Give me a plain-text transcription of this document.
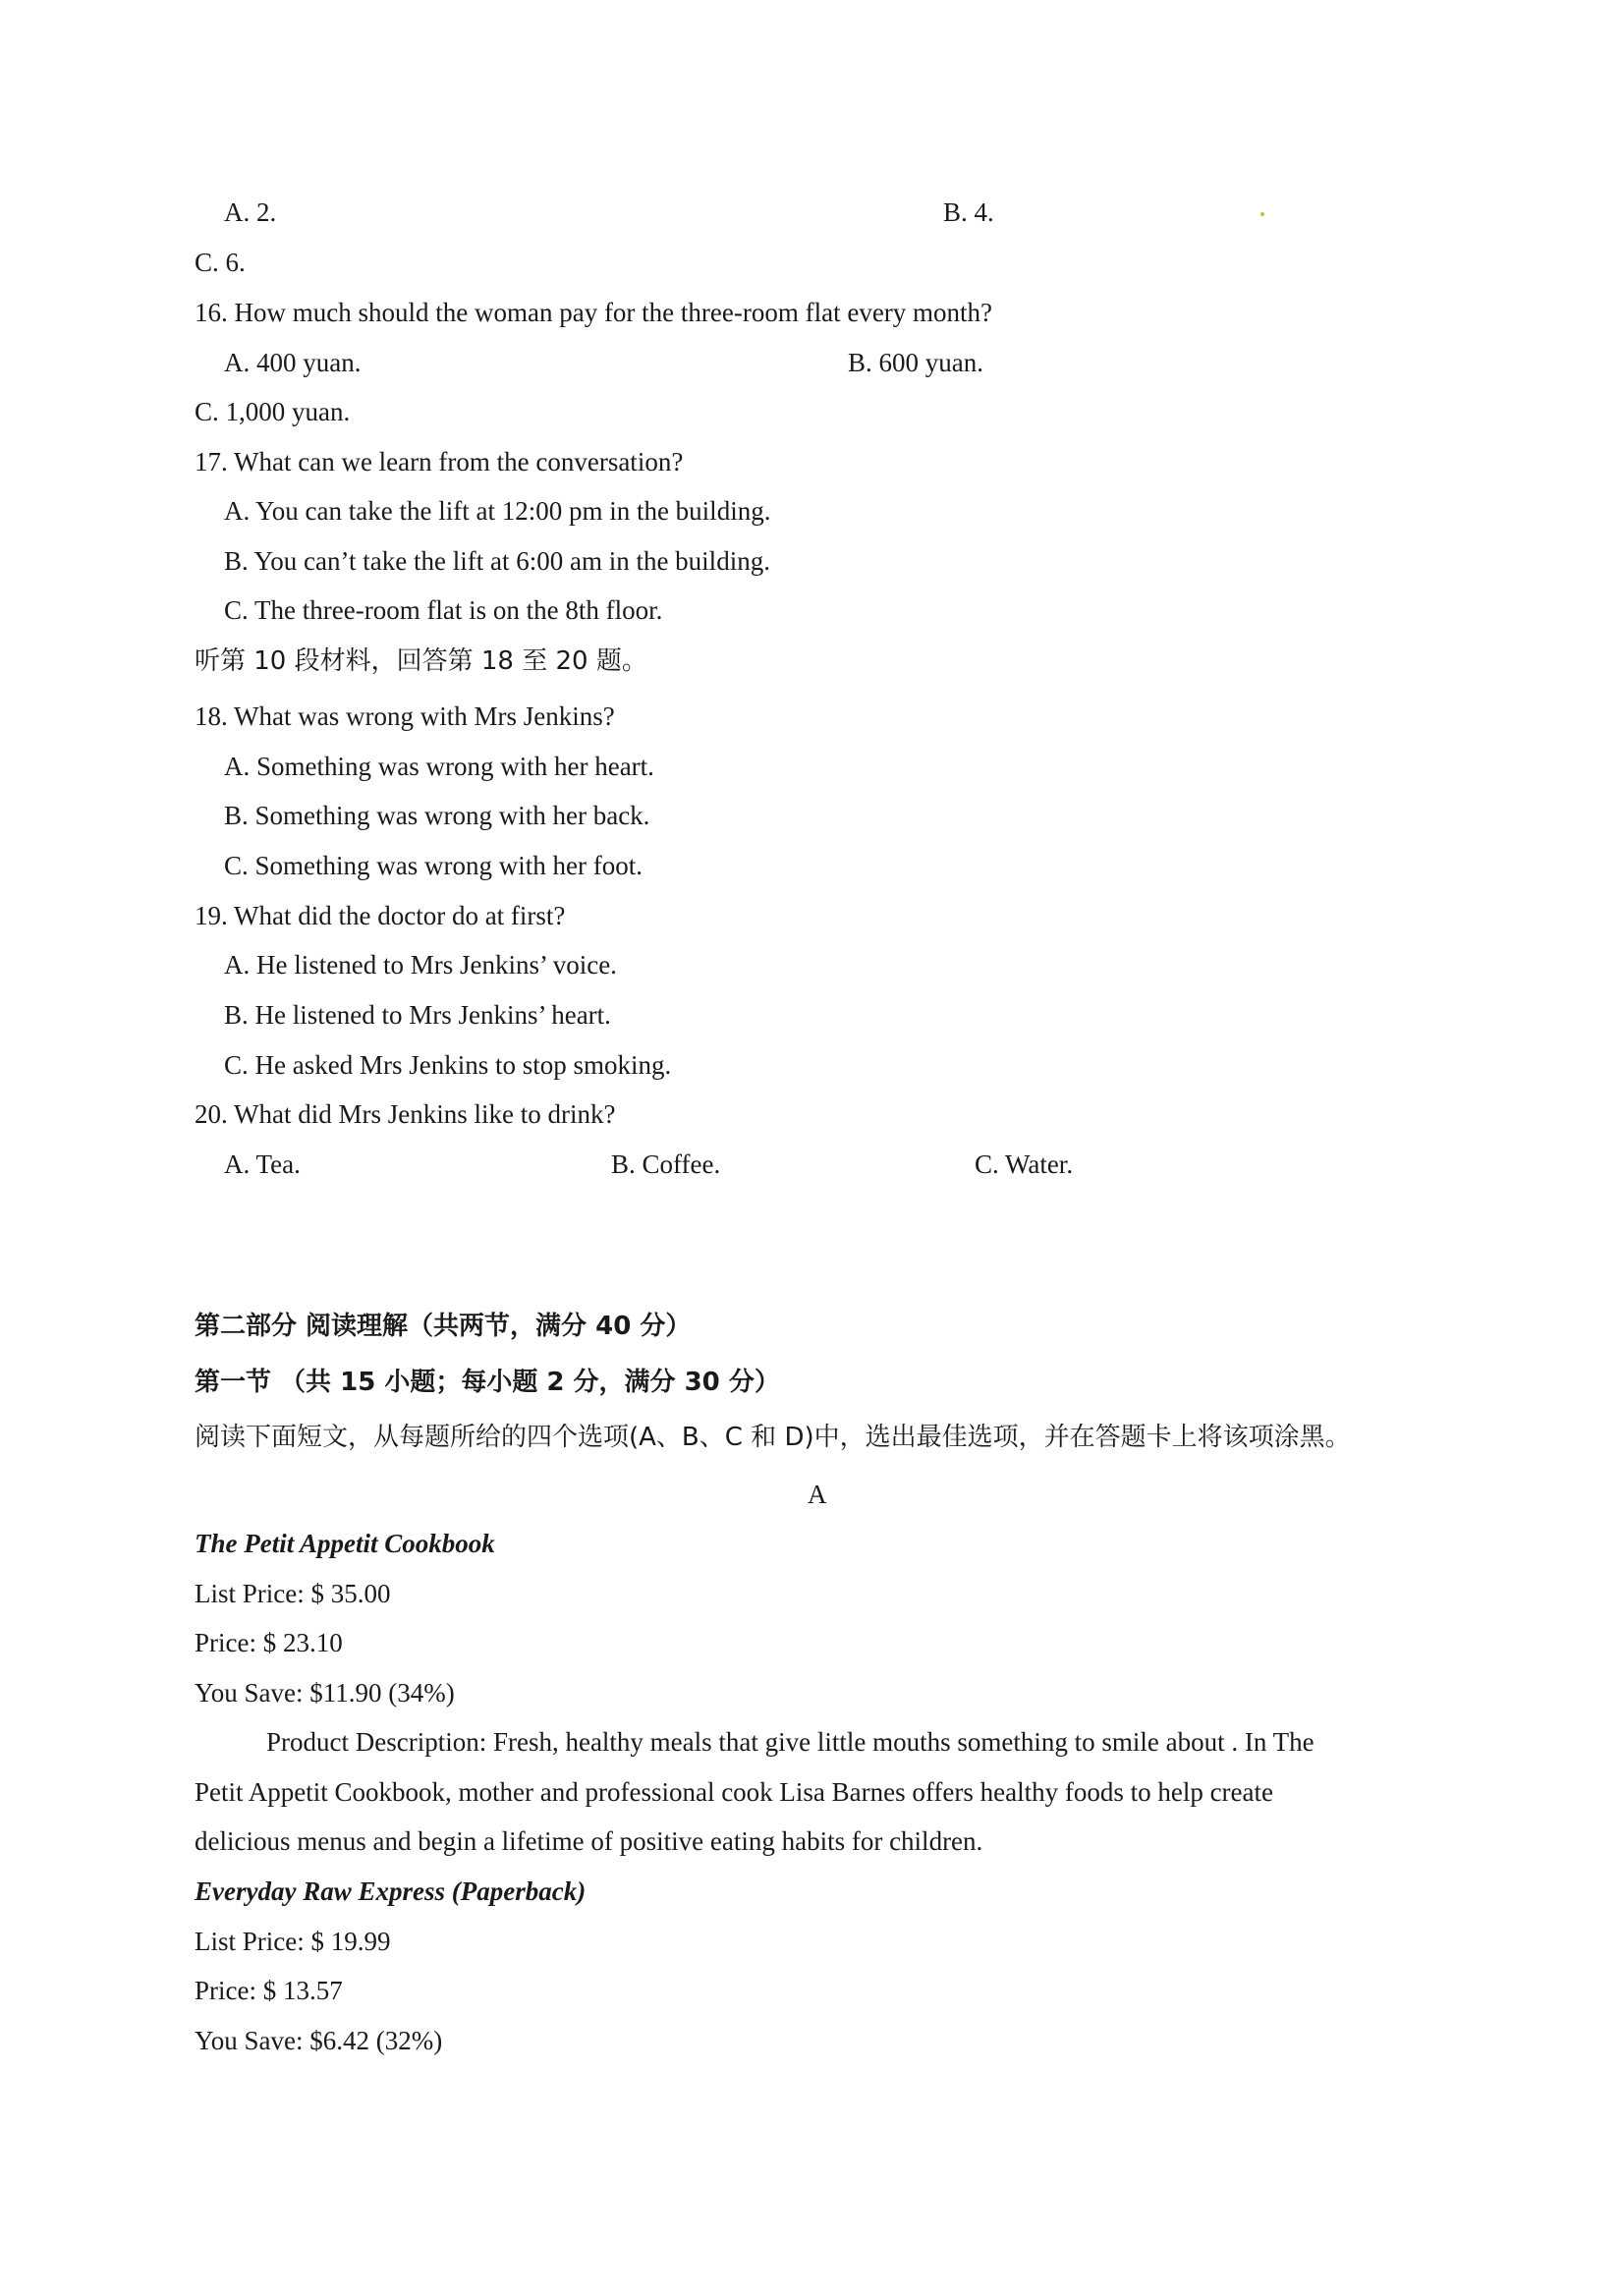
A. 2.	B. 4.
C. 6.
16. How much should the woman pay for the three-room flat every month?
A. 400 yuan.	B. 600 yuan.
C. 1,000 yuan.
17. What can we learn from the conversation?
A. You can take the lift at 12:00 pm in the building.
B. You can’t take the lift at 6:00 am in the building.
C. The three-room flat is on the 8th floor.
听第 10 段材料，回答第 18 至 20 题。
18. What was wrong with Mrs Jenkins?
A. Something was wrong with her heart.
B. Something was wrong with her back.
C. Something was wrong with her foot.
19. What did the doctor do at first?
A. He listened to Mrs Jenkins’ voice.
B. He listened to Mrs Jenkins’ heart.
C. He asked Mrs Jenkins to stop smoking.
20. What did Mrs Jenkins like to drink?
A. Tea.	B. Coffee.	C. Water.
第二部分 阅读理解（共两节，满分 40 分）
第一节 （共 15 小题；每小题 2 分，满分 30 分）
阅读下面短文，从每题所给的四个选项(A、B、C 和 D)中，选出最佳选项，并在答题卡上将该项涂黑。
A
The Petit Appetit Cookbook
List Price: $ 35.00
Price: $ 23.10
You Save: $11.90 (34%)
Product Description: Fresh, healthy meals that give little mouths something to smile about . In The
Petit Appetit Cookbook, mother and professional cook Lisa Barnes offers healthy foods to help create
delicious menus and begin a lifetime of positive eating habits for children.
Everyday Raw Express (Paperback)
List Price: $ 19.99
Price: $ 13.57
You Save: $6.42 (32%)
